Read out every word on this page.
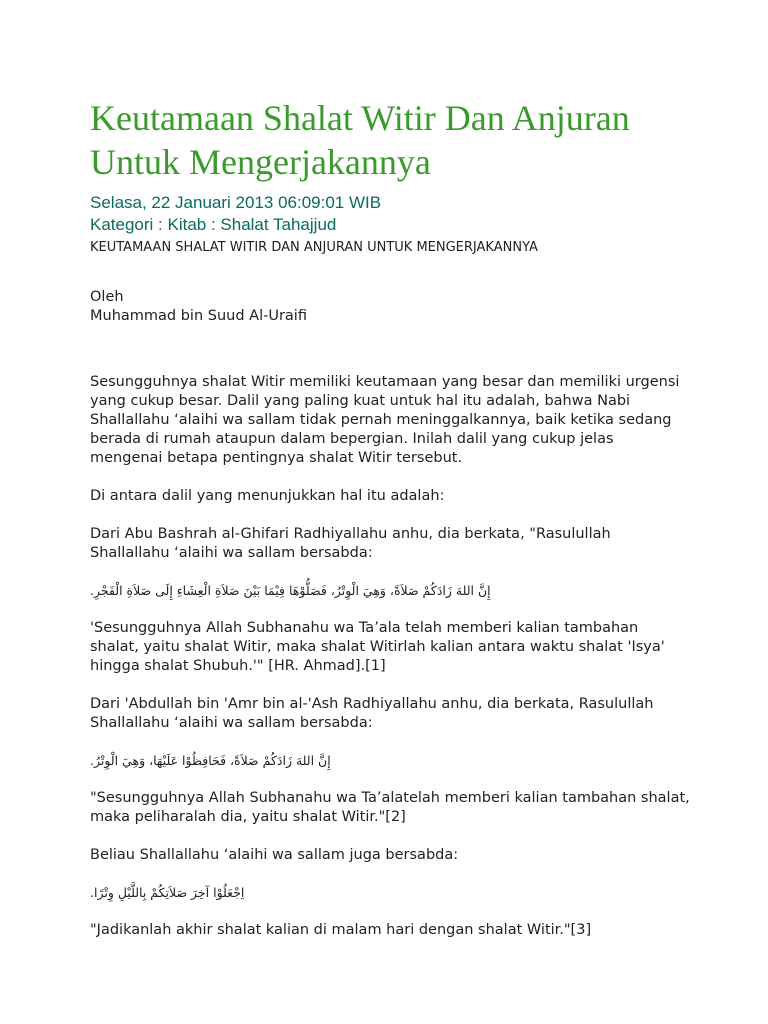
Keutamaan Shalat Witir Dan Anjuran Untuk Mengerjakannya
Selasa, 22 Januari 2013 06:09:01 WIB
Kategori : Kitab : Shalat Tahajjud
KEUTAMAAN SHALAT WITIR DAN ANJURAN UNTUK MENGERJAKANNYA

Oleh

Muhammad bin Suud Al-Uraifi

Sesungguhnya shalat Witir memiliki keutamaan yang besar dan memiliki urgensi yang cukup besar. Dalil yang paling kuat untuk hal itu adalah, bahwa Nabi Shallallahu ‘alaihi wa sallam tidak pernah meninggalkannya, baik ketika sedang berada di rumah ataupun dalam bepergian. Inilah dalil yang cukup jelas mengenai betapa pentingnya shalat Witir tersebut.

Di antara dalil yang menunjukkan hal itu adalah:

Dari Abu Bashrah al-Ghifari Radhiyallahu anhu, dia berkata, "Rasulullah Shallallahu ‘alaihi wa sallam bersabda:

إِنَّ اللهَ زَادَكُمْ صَلاَةً، وَهِيَ الْوِتْرُ، فَصَلُّوْهَا فِيْمَا بَيْنَ صَلاَةِ الْعِشَاءِ إِلَى صَلاَةِ الْفَجْرِ.

'Sesungguhnya Allah Subhanahu wa Ta’ala telah memberi kalian tambahan shalat, yaitu shalat Witir, maka shalat Witirlah kalian antara waktu shalat 'Isya' hingga shalat Shubuh.'" [HR. Ahmad].[1]

Dari 'Abdullah bin 'Amr bin al-'Ash Radhiyallahu anhu, dia berkata, Rasulullah Shallallahu ‘alaihi wa sallam bersabda:

إِنَّ اللهَ زَادَكُمْ صَلاَةً، فَحَافِظُوْا عَلَيْهَا، وَهِيَ الْوِتْرُ.

"Sesungguhnya Allah Subhanahu wa Ta’alatelah memberi kalian tambahan shalat, maka peliharalah dia, yaitu shalat Witir."[2]

Beliau Shallallahu ‘alaihi wa sallam juga bersabda:

اِجْعَلُوْا آخِرَ صَلاَتِكُمْ بِاللَّيْلِ وِتْرًا.

"Jadikanlah akhir shalat kalian di malam hari dengan shalat Witir."[3]
